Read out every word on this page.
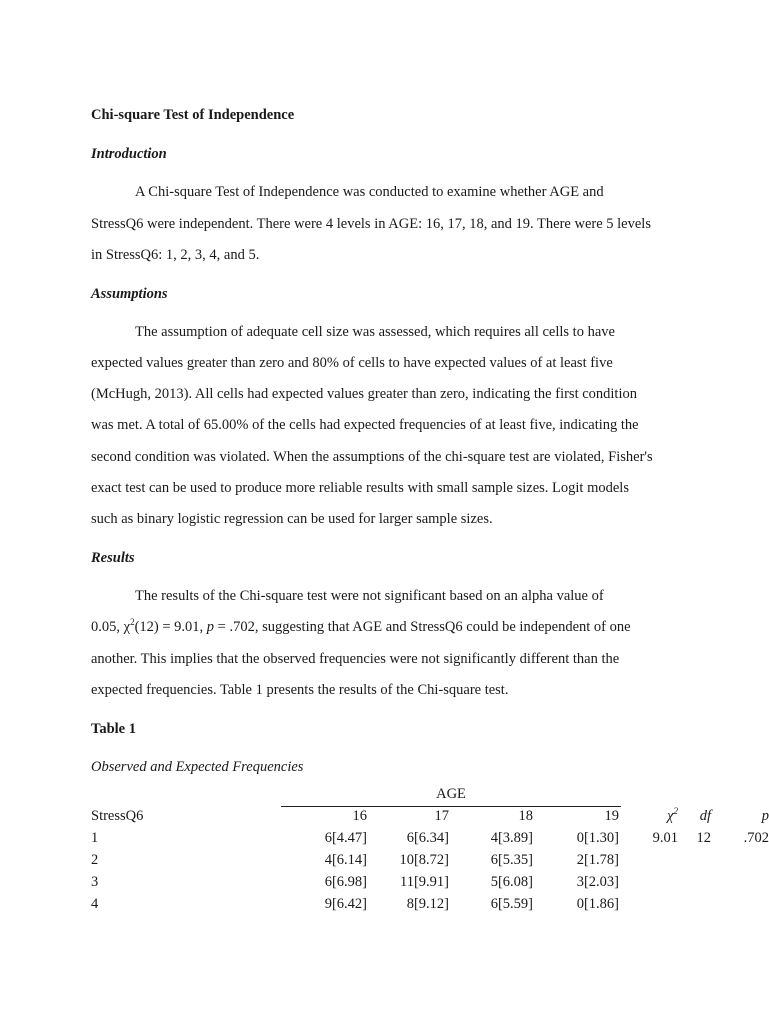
Chi-square Test of Independence
Introduction
A Chi-square Test of Independence was conducted to examine whether AGE and
StressQ6 were independent. There were 4 levels in AGE: 16, 17, 18, and 19. There were 5 levels
in StressQ6: 1, 2, 3, 4, and 5.
Assumptions
The assumption of adequate cell size was assessed, which requires all cells to have
expected values greater than zero and 80% of cells to have expected values of at least five
(McHugh, 2013). All cells had expected values greater than zero, indicating the first condition
was met. A total of 65.00% of the cells had expected frequencies of at least five, indicating the
second condition was violated. When the assumptions of the chi-square test are violated, Fisher's
exact test can be used to produce more reliable results with small sample sizes. Logit models
such as binary logistic regression can be used for larger sample sizes.
Results
The results of the Chi-square test were not significant based on an alpha value of
0.05, $\chi^2(12) = 9.01$, p = .702, suggesting that AGE and StressQ6 could be independent of one
another. This implies that the observed frequencies were not significantly different than the
expected frequencies. Table 1 presents the results of the Chi-square test.
Table 1
Observed and Expected Frequencies
AGE
StressQ6	16	17	18	19	$\chi^2$ df	p
1	6[4.47]	6[6.34]	4[3.89]	0[1.30] 9.01 12 .702
2	4[6.14] 10[8.72]	6[5.35]	2[1.78]
3	6[6.98] 11[9.91]	5[6.08]	3[2.03]
4	9[6.42]	8[9.12]	6[5.59]	0[1.86]
